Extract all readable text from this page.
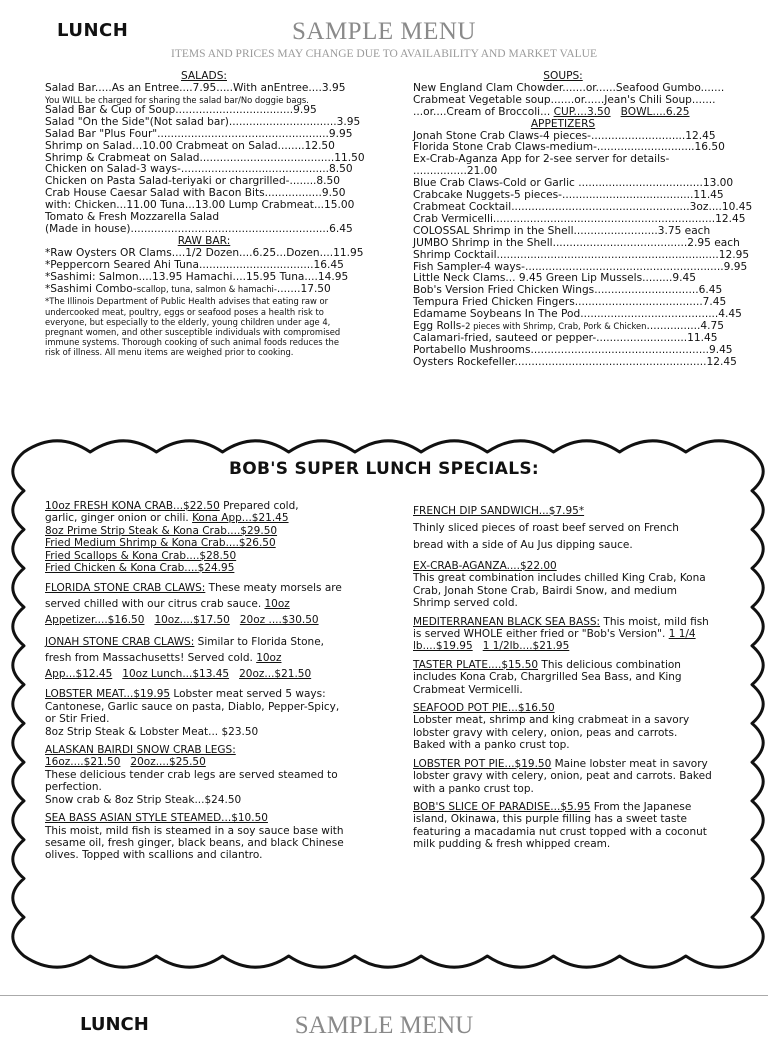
LUNCH	SAMPLE MENU
ITEMS AND PRICES MAY CHANGE DUE TO AVAILABILITY AND MARKET VALUE
SALADS:
Salad Bar.....As an Entree....7.95.....With anEntree....3.95
You WILL be charged for sharing the salad bar/No doggie bags.
Salad Bar & Cup of Soup...................................9.95
Salad "On the Side"(Not salad bar)................................3.95
Salad Bar "Plus Four"...................................................9.95
Shrimp on Salad...10.00 Crabmeat on Salad........12.50
Shrimp & Crabmeat on Salad........................................11.50
Chicken on Salad-3 ways-............................................8.50
Chicken on Pasta Salad-teriyaki or chargrilled-........8.50
Crab House Caesar Salad with Bacon Bits.................9.50
with: Chicken...11.00 Tuna...13.00 Lump Crabmeat...15.00
Tomato & Fresh Mozzarella Salad
(Made in house)...........................................................6.45
RAW BAR:
*Raw Oysters OR Clams....1/2 Dozen....6.25...Dozen....11.95
*Peppercorn Seared Ahi Tuna..................................16.45
*Sashimi: Salmon....13.95 Hamachi....15.95 Tuna....14.95
*Sashimi Combo-scallop, tuna, salmon & hamachi-.......17.50
*The Illinois Department of Public Health advises that eating raw or undercooked meat, poultry, eggs or seafood poses a health risk to everyone, but especially to the elderly, young children under age 4, pregnant women, and other susceptible individuals with compromised immune systems. Thorough cooking of such animal foods reduces the risk of illness. All menu items are weighed prior to cooking.
SOUPS:
New England Clam Chowder.......or......Seafood Gumbo.......
Crabmeat Vegetable soup.......or......Jean's Chili Soup.......
...or....Cream of Broccoli... CUP....3.50 BOWL....6.25
APPETIZERS
Jonah Stone Crab Claws-4 pieces-............................12.45
Florida Stone Crab Claws-medium-.............................16.50
Ex-Crab-Aganza App for 2-see server for details-
................21.00
Blue Crab Claws-Cold or Garlic .....................................13.00
Crabcake Nuggets-5 pieces-.......................................11.45
Crabmeat Cocktail.....................................................3oz....10.45
Crab Vermicelli..................................................................12.45
COLOSSAL Shrimp in the Shell.........................3.75 each
JUMBO Shrimp in the Shell........................................2.95 each
Shrimp Cocktail..................................................................12.95
Fish Sampler-4 ways-...........................................................9.95
Little Neck Clams... 9.45 Green Lip Mussels.........9.45
Bob's Version Fried Chicken Wings...............................6.45
Tempura Fried Chicken Fingers......................................7.45
Edamame Soybeans In The Pod.........................................4.45
Egg Rolls-2 pieces with Shrimp, Crab, Pork & Chicken................4.75
Calamari-fried, sauteed or pepper-...........................11.45
Portabello Mushrooms.....................................................9.45
Oysters Rockefeller.........................................................12.45
BOB'S SUPER LUNCH SPECIALS:
10oz FRESH KONA CRAB...$22.50 Prepared cold,
garlic, ginger onion or chili. Kona App...$21.45
8oz Prime Strip Steak & Kona Crab....$29.50
Fried Medium Shrimp & Kona Crab....$26.50
Fried Scallops & Kona Crab....$28.50
Fried Chicken & Kona Crab....$24.95
FLORIDA STONE CRAB CLAWS: These meaty morsels are served chilled with our citrus crab sauce. 10oz
Appetizer....$16.50 10oz....$17.50 20oz ....$30.50
JONAH STONE CRAB CLAWS: Similar to Florida Stone, fresh from Massachusetts! Served cold. 10oz App...$12.45 10oz Lunch...$13.45 20oz...$21.50
LOBSTER MEAT...$19.95 Lobster meat served 5 ways: Cantonese, Garlic sauce on pasta, Diablo, Pepper-Spicy, or Stir Fried.
8oz Strip Steak & Lobster Meat... $23.50
ALASKAN BAIRDI SNOW CRAB LEGS:
16oz....$21.50 20oz....$25.50
These delicious tender crab legs are served steamed to perfection.
Snow crab & 8oz Strip Steak...$24.50
SEA BASS ASIAN STYLE STEAMED...$10.50
This moist, mild fish is steamed in a soy sauce base with sesame oil, fresh ginger, black beans, and black Chinese olives. Topped with scallions and cilantro.
FRENCH DIP SANDWICH...$7.95*
Thinly sliced pieces of roast beef served on French
bread with a side of Au Jus dipping sauce.
EX-CRAB-AGANZA....$22.00
This great combination includes chilled King Crab, Kona Crab, Jonah Stone Crab, Bairdi Snow, and medium Shrimp served cold.
MEDITERRANEAN BLACK SEA BASS: This moist, mild fish is served WHOLE either fried or "Bob's Version". 1 1/4 lb....$19.95 1 1/2lb....$21.95
TASTER PLATE....$15.50 This delicious combination includes Kona Crab, Chargrilled Sea Bass, and King Crabmeat Vermicelli.
SEAFOOD POT PIE...$16.50
Lobster meat, shrimp and king crabmeat in a savory lobster gravy with celery, onion, peas and carrots.
Baked with a panko crust top.
LOBSTER POT PIE...$19.50 Maine lobster meat in savory lobster gravy with celery, onion, peat and carrots. Baked with a panko crust top.
BOB'S SLICE OF PARADISE...$5.95 From the Japanese island, Okinawa, this purple filling has a sweet taste featuring a macadamia nut crust topped with a coconut milk pudding & fresh whipped cream.
LUNCH	SAMPLE MENU
